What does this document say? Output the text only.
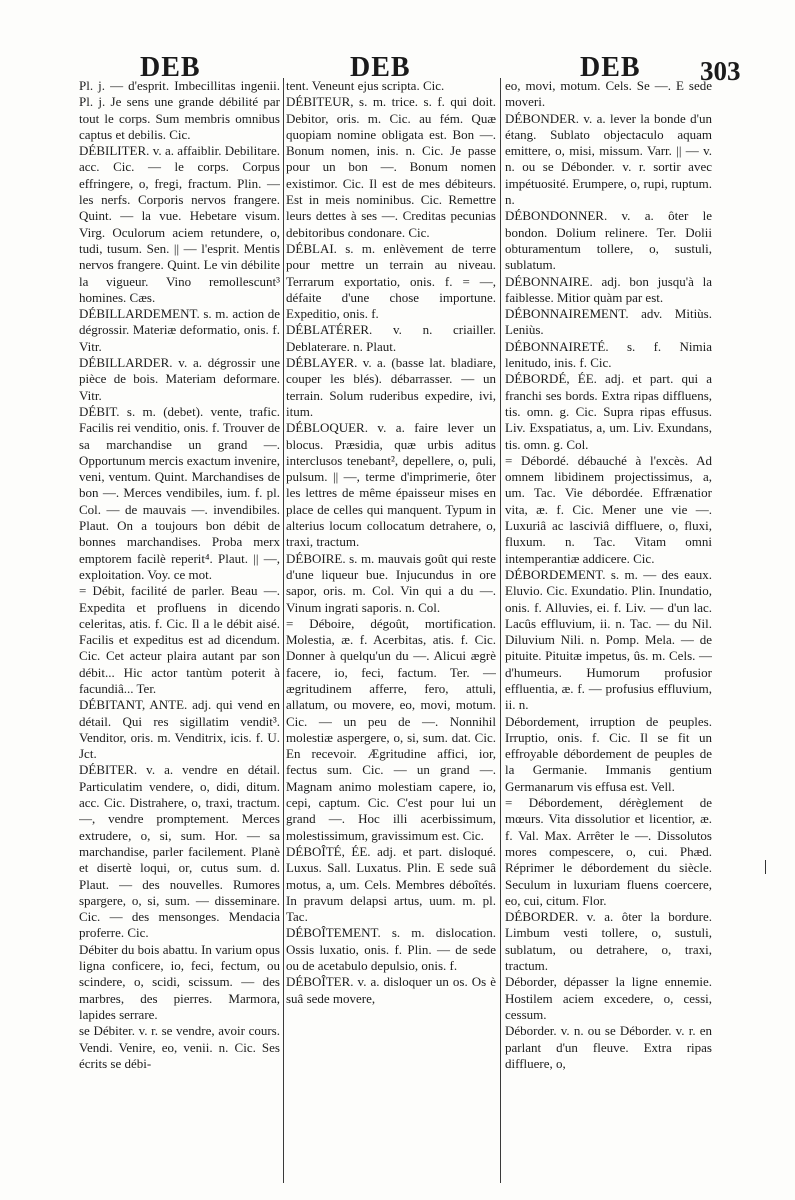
DEB	DEB	DEB 303

Pl. j. — d'esprit. Imbecillitas ingenii. Pl. j. Je sens une grande débilité par tout le corps. Sum membris omnibus captus et debilis. Cic.

DÉBILITER. v. a. affaiblir. Debilitare. acc. Cic. — le corps. Corpus effringere, o, fregi, fractum. Plin. — les nerfs. Corporis nervos frangere. Quint. — la vue. Hebetare visum. Virg. Oculorum aciem retundere, o, tudi, tusum. Sen. || — l'esprit. Mentis nervos frangere. Quint. Le vin débilite la vigueur. Vino remollescunt³ homines. Cæs.

DÉBILLARDEMENT. s. m. action de dégrossir. Materiæ deformatio, onis. f. Vitr.

DÉBILLARDER. v. a. dégrossir une pièce de bois. Materiam deformare. Vitr.

DÉBIT. s. m. (debet). vente, trafic. Facilis rei venditio, onis. f. Trouver de sa marchandise un grand —. Opportunum mercis exactum invenire, veni, ventum. Quint. Marchandises de bon —. Merces vendibiles, ium. f. pl. Col. — de mauvais —. invendibiles. Plaut. On a toujours bon débit de bonnes marchandises. Proba merx emptorem facilè reperit⁴. Plaut. || —, exploitation. Voy. ce mot.

= Débit, facilité de parler. Beau —. Expedita et profluens in dicendo celeritas, atis. f. Cic. Il a le débit aisé. Facilis et expeditus est ad dicendum. Cic. Cet acteur plaira autant par son débit... Hic actor tantùm poterit à facundiâ... Ter.

DÉBITANT, ANTE. adj. qui vend en détail. Qui res sigillatim vendit³. Venditor, oris. m. Venditrix, icis. f. U. Jct.

DÉBITER. v. a. vendre en détail. Particulatim vendere, o, didi, ditum. acc. Cic. Distrahere, o, traxi, tractum. —, vendre promptement. Merces extrudere, o, si, sum. Hor. — sa marchandise, parler facilement. Planè et disertè loqui, or, cutus sum. d. Plaut. — des nouvelles. Rumores spargere, o, si, sum. — disseminare. Cic. — des mensonges. Mendacia proferre. Cic.

Débiter du bois abattu. In varium opus ligna conficere, io, feci, fectum, ou scindere, o, scidi, scissum. — des marbres, des pierres. Marmora, lapides serrare.

se Débiter. v. r. se vendre, avoir cours. Vendi. Venire, eo, venii. n. Cic. Ses écrits se débi-

tent. Veneunt ejus scripta. Cic.

DÉBITEUR, s. m. trice. s. f. qui doit. Debitor, oris. m. Cic. au fém. Quæ quopiam nomine obligata est. Bon —. Bonum nomen, inis. n. Cic. Je passe pour un bon —. Bonum nomen existimor. Cic. Il est de mes débiteurs. Est in meis nominibus. Cic. Remettre leurs dettes à ses —. Creditas pecunias debitoribus condonare. Cic.

DÉBLAI. s. m. enlèvement de terre pour mettre un terrain au niveau. Terrarum exportatio, onis. f. = —, défaite d'une chose importune. Expeditio, onis. f.

DÉBLATÉRER. v. n. criailler. Deblaterare. n. Plaut.

DÉBLAYER. v. a. (basse lat. bladiare, couper les blés). débarrasser. — un terrain. Solum ruderibus expedire, ivi, itum.

DÉBLOQUER. v. a. faire lever un blocus. Præsidia, quæ urbis aditus interclusos tenebant², depellere, o, puli, pulsum. || —, terme d'imprimerie, ôter les lettres de même épaisseur mises en place de celles qui manquent. Typum in alterius locum collocatum detrahere, o, traxi, tractum.

DÉBOIRE. s. m. mauvais goût qui reste d'une liqueur bue. Injucundus in ore sapor, oris. m. Col. Vin qui a du —. Vinum ingrati saporis. n. Col.

= Déboire, dégoût, mortification. Molestia, æ. f. Acerbitas, atis. f. Cic. Donner à quelqu'un du —. Alicui ægrè facere, io, feci, factum. Ter. — ægritudinem afferre, fero, attuli, allatum, ou movere, eo, movi, motum. Cic. — un peu de —. Nonnihil molestiæ aspergere, o, si, sum. dat. Cic. En recevoir. Ægritudine affici, ior, fectus sum. Cic. — un grand —. Magnam animo molestiam capere, io, cepi, captum. Cic. C'est pour lui un grand —. Hoc illi acerbissimum, molestissimum, gravissimum est. Cic.

DÉBOÎTÉ, ÉE. adj. et part. disloqué. Luxus. Sall. Luxatus. Plin. E sede suâ motus, a, um. Cels. Membres déboîtés. In pravum delapsi artus, uum. m. pl. Tac.

DÉBOÎTEMENT. s. m. dislocation. Ossis luxatio, onis. f. Plin. — de sede ou de acetabulo depulsio, onis. f.

DÉBOÎTER. v. a. disloquer un os. Os è suâ sede movere,

eo, movi, motum. Cels. Se —. E sede moveri.

DÉBONDER. v. a. lever la bonde d'un étang. Sublato objectaculo aquam emittere, o, misi, missum. Varr. || — v. n. ou se Débonder. v. r. sortir avec impétuosité. Erumpere, o, rupi, ruptum. n.

DÉBONDONNER. v. a. ôter le bondon. Dolium relinere. Ter. Dolii obturamentum tollere, o, sustuli, sublatum.

DÉBONNAIRE. adj. bon jusqu'à la faiblesse. Mitior quàm par est.

DÉBONNAIREMENT. adv. Mitiùs. Leniùs.

DÉBONNAIRETÉ. s. f. Nimia lenitudo, inis. f. Cic.

DÉBORDÉ, ÉE. adj. et part. qui a franchi ses bords. Extra ripas diffluens, tis. omn. g. Cic. Supra ripas effusus. Liv. Exspatiatus, a, um. Liv. Exundans, tis. omn. g. Col.

= Débordé. débauché à l'excès. Ad omnem libidinem projectissimus, a, um. Tac. Vie débordée. Effrænatior vita, æ. f. Cic. Mener une vie —. Luxuriâ ac lasciviâ diffluere, o, fluxi, fluxum. n. Tac. Vitam omni intemperantiæ addicere. Cic.

DÉBORDEMENT. s. m. — des eaux. Eluvio. Cic. Exundatio. Plin. Inundatio, onis. f. Alluvies, ei. f. Liv. — d'un lac. Lacûs effluvium, ii. n. Tac. — du Nil. Diluvium Nili. n. Pomp. Mela. — de pituite. Pituitæ impetus, ûs. m. Cels. — d'humeurs. Humorum profusior effluentia, æ. f. — profusius effluvium, ii. n.

Débordement, irruption de peuples. Irruptio, onis. f. Cic. Il se fit un effroyable débordement de peuples de la Germanie. Immanis gentium Germanarum vis effusa est. Vell.

= Débordement, dérèglement de mœurs. Vita dissolutior et licentior, æ. f. Val. Max. Arrêter le —. Dissolutos mores compescere, o, cui. Phæd. Réprimer le débordement du siècle. Seculum in luxuriam fluens coercere, eo, cui, citum. Flor.

DÉBORDER. v. a. ôter la bordure. Limbum vesti tollere, o, sustuli, sublatum, ou detrahere, o, traxi, tractum.

Déborder, dépasser la ligne ennemie. Hostilem aciem excedere, o, cessi, cessum.

Déborder. v. n. ou se Déborder. v. r. en parlant d'un fleuve. Extra ripas diffluere, o,
